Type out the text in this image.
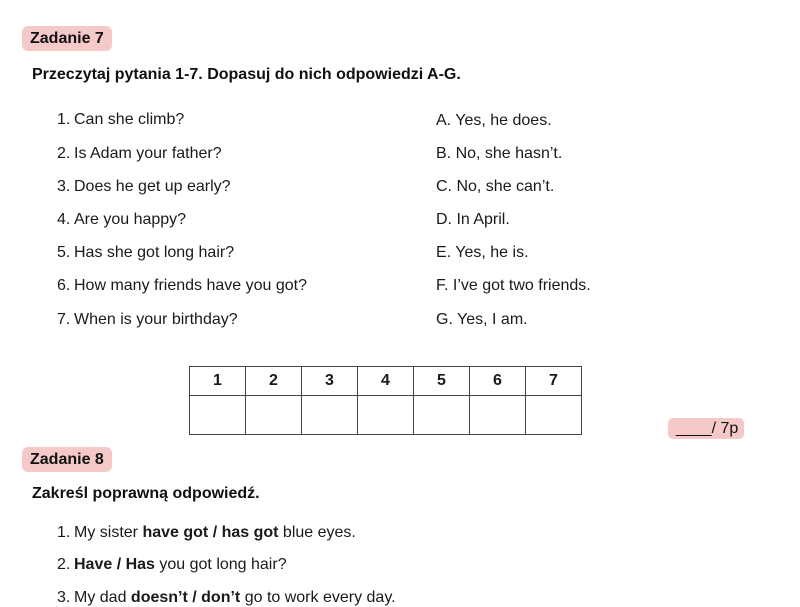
Zadanie 7
Przeczytaj pytania 1-7. Dopasuj do nich odpowiedzi A-G.
1. Can she climb?
2. Is Adam your father?
3. Does he get up early?
4. Are you happy?
5. Has she got long hair?
6. How many friends have you got?
7. When is your birthday?
A. Yes, he does.
B. No, she hasn’t.
C. No, she can’t.
D. In April.
E. Yes, he is.
F. I’ve got two friends.
G. Yes, I am.
1	2	3	4	5	6	7

____/ 7p
Zadanie 8
Zakreśl poprawną odpowiedź.
1. My sister have got / has got blue eyes.
2. Have / Has you got long hair?
3. My dad doesn’t / don’t go to work every day.
